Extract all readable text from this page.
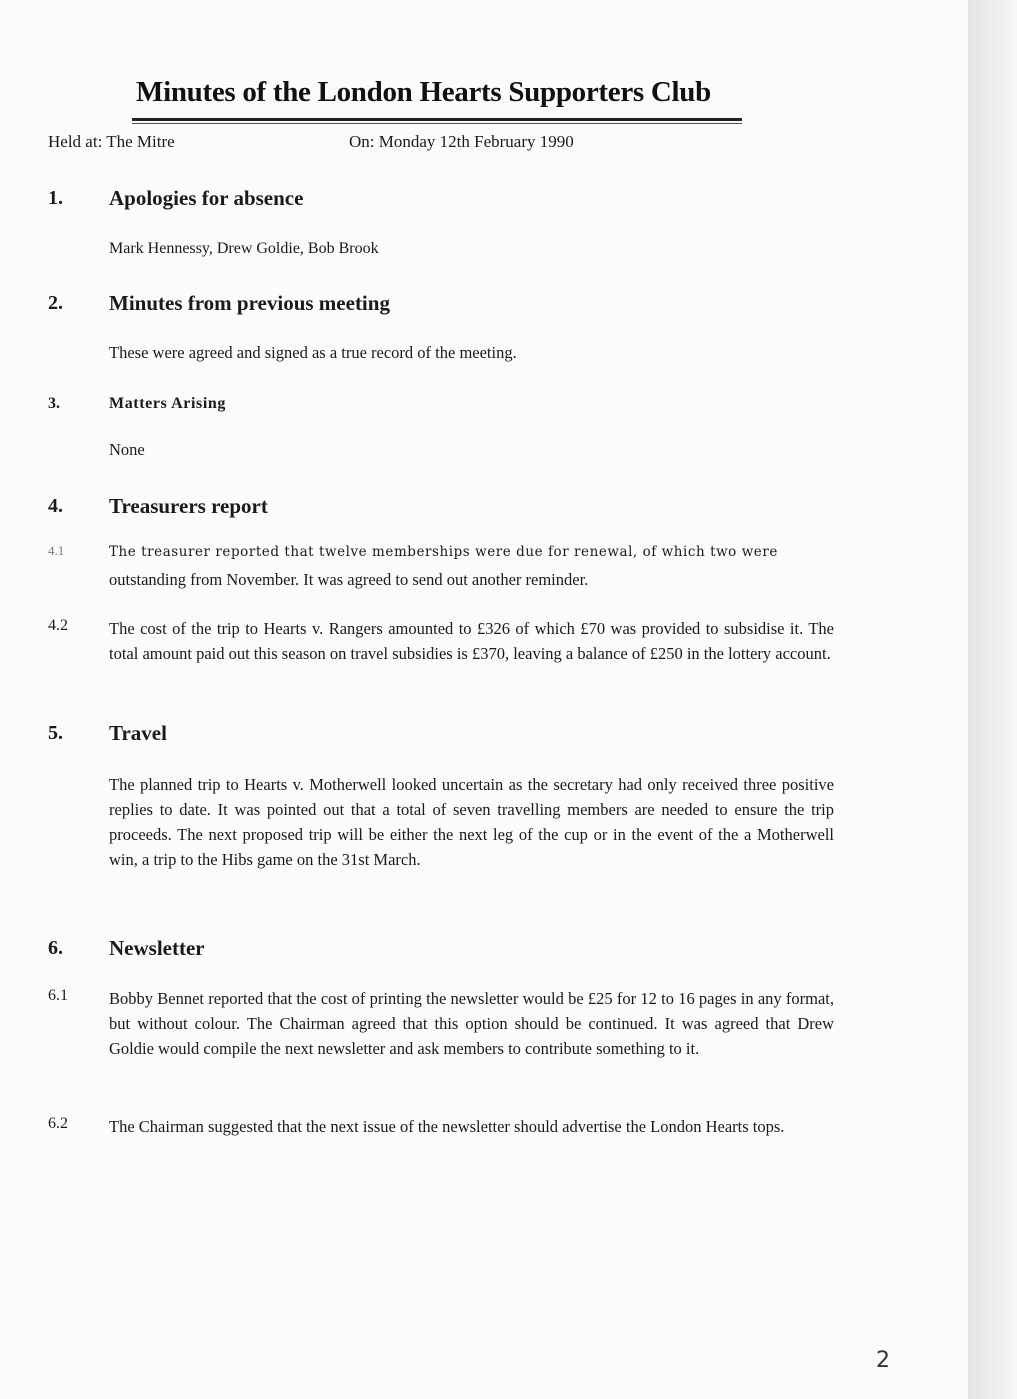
Minutes of the London Hearts Supporters Club
Held at: The Mitre	On: Monday 12th February 1990
1. Apologies for absence
Mark Hennessy, Drew Goldie, Bob Brook
2. Minutes from previous meeting
These were agreed and signed as a true record of the meeting.
3.	Matters Arising
None
4. Treasurers report
4.1	The treasurer reported that twelve memberships were due for renewal, of which two were
outstanding from November. It was agreed to send out another reminder.
4.2 The cost of the trip to Hearts v. Rangers amounted to £326 of which £70 was provided to subsidise it. The total amount paid out this season on travel subsidies is £370, leaving a balance of £250 in the lottery account.
5. Travel
The planned trip to Hearts v. Motherwell looked uncertain as the secretary had only received three positive replies to date. It was pointed out that a total of seven travelling members are needed to ensure the trip proceeds. The next proposed trip will be either the next leg of the cup or in the event of the a Motherwell win, a trip to the Hibs game on the 31st March.
6. Newsletter
6.1 Bobby Bennet reported that the cost of printing the newsletter would be £25 for 12 to 16 pages in any format, but without colour. The Chairman agreed that this option should be continued. It was agreed that Drew Goldie would compile the next newsletter and ask members to contribute something to it.
6.2 The Chairman suggested that the next issue of the newsletter should advertise the London Hearts tops.
2
